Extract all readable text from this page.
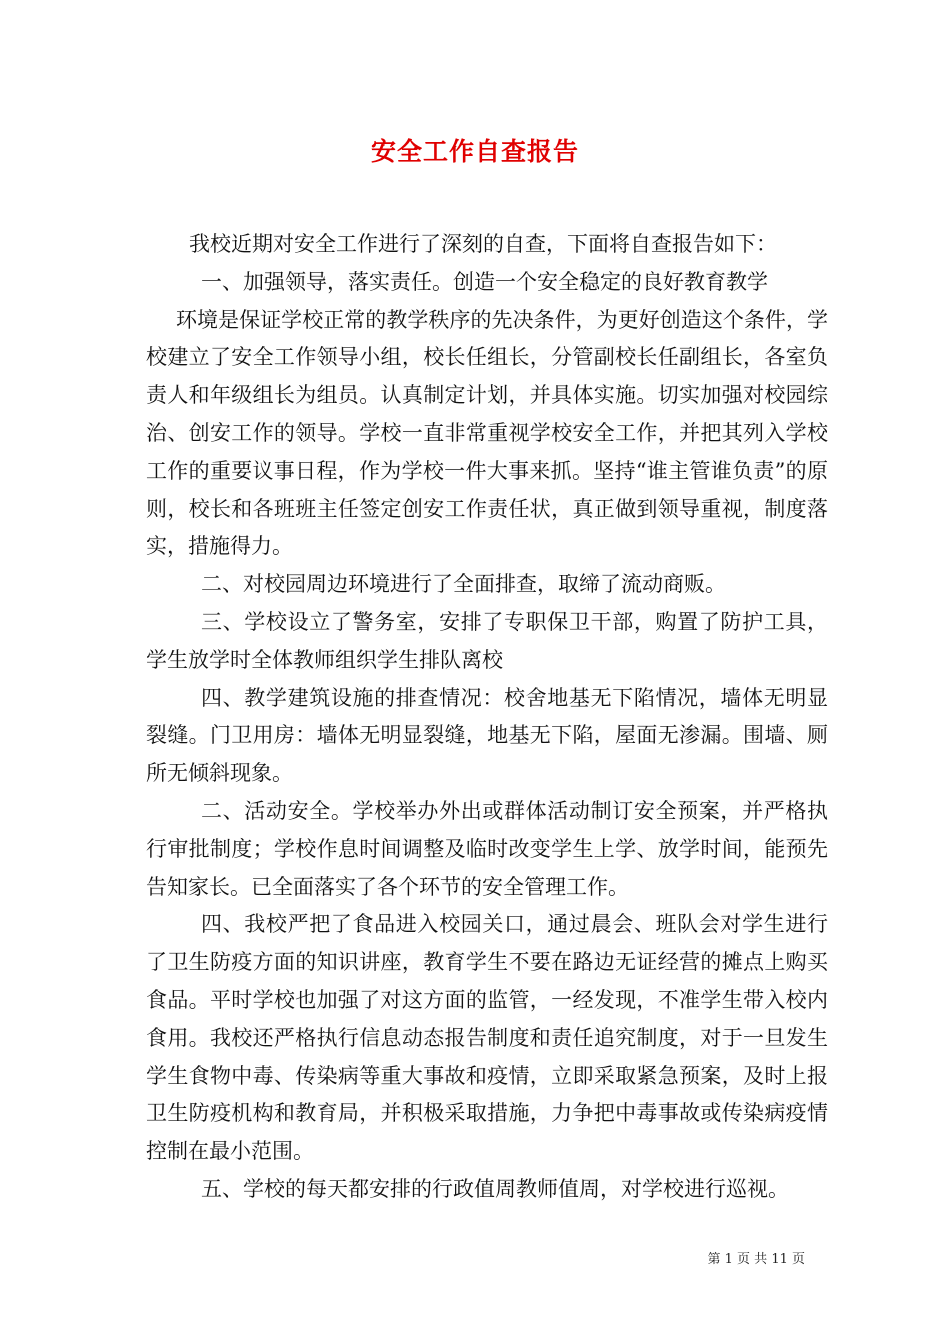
安全工作自查报告

我校近期对安全工作进行了深刻的自查，下面将自查报告如下：

一、加强领导，落实责任。创造一个安全稳定的良好教育教学

环境是保证学校正常的教学秩序的先决条件，为更好创造这个条件，学校建立了安全工作领导小组，校长任组长，分管副校长任副组长，各室负责人和年级组长为组员。认真制定计划，并具体实施。切实加强对校园综治、创安工作的领导。学校一直非常重视学校安全工作，并把其列入学校工作的重要议事日程，作为学校一件大事来抓。坚持“谁主管谁负责”的原则，校长和各班班主任签定创安工作责任状，真正做到领导重视，制度落实，措施得力。

二、对校园周边环境进行了全面排查，取缔了流动商贩。

三、学校设立了警务室，安排了专职保卫干部，购置了防护工具，学生放学时全体教师组织学生排队离校

四、教学建筑设施的排查情况：校舍地基无下陷情况，墙体无明显裂缝。门卫用房：墙体无明显裂缝，地基无下陷，屋面无渗漏。围墙、厕所无倾斜现象。

二、活动安全。学校举办外出或群体活动制订安全预案，并严格执行审批制度；学校作息时间调整及临时改变学生上学、放学时间，能预先告知家长。已全面落实了各个环节的安全管理工作。

四、我校严把了食品进入校园关口，通过晨会、班队会对学生进行了卫生防疫方面的知识讲座，教育学生不要在路边无证经营的摊点上购买食品。平时学校也加强了对这方面的监管，一经发现，不准学生带入校内食用。我校还严格执行信息动态报告制度和责任追究制度，对于一旦发生学生食物中毒、传染病等重大事故和疫情，立即采取紧急预案，及时上报卫生防疫机构和教育局，并积极采取措施，力争把中毒事故或传染病疫情控制在最小范围。

五、学校的每天都安排的行政值周教师值周，对学校进行巡视。

第 1 页 共 11 页
